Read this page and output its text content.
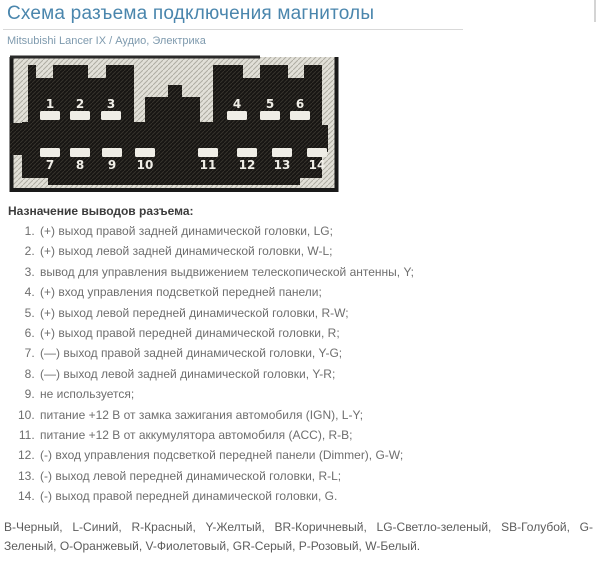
Схема разъема подключения магнитолы
Mitsubishi Lancer IX / Аудио, Электрика
1 2 3	4 5 6
7 8 9 10	11 12 13 14
Назначение выводов разъема:
1. (+) выход правой задней динамической головки, LG;
2. (+) выход левой задней динамической головки, W-L;
3. вывод для управления выдвижением телескопической антенны, Y;
4. (+) вход управления подсветкой передней панели;
5. (+) выход левой передней динамической головки, R-W;
6. (+) выход правой передней динамической головки, R;
7. (—) выход правой задней динамической головки, Y-G;
8. (—) выход левой задней динамической головки, Y-R;
9. не используется;
10. питание +12 В от замка зажигания автомобиля (IGN), L-Y;
11. питание +12 В от аккумулятора автомобиля (ACC), R-B;
12. (-) вход управления подсветкой передней панели (Dimmer), G-W;
13. (-) выход левой передней динамической головки, R-L;
14. (-) выход правой передней динамической головки, G.

B-Черный, L-Синий, R-Красный, Y-Желтый, BR-Коричневый, LG-Светло-зеленый, SB-Голубой, G-Зеленый, O-Оранжевый, V-Фиолетовый, GR-Серый, P-Розовый, W-Белый.
